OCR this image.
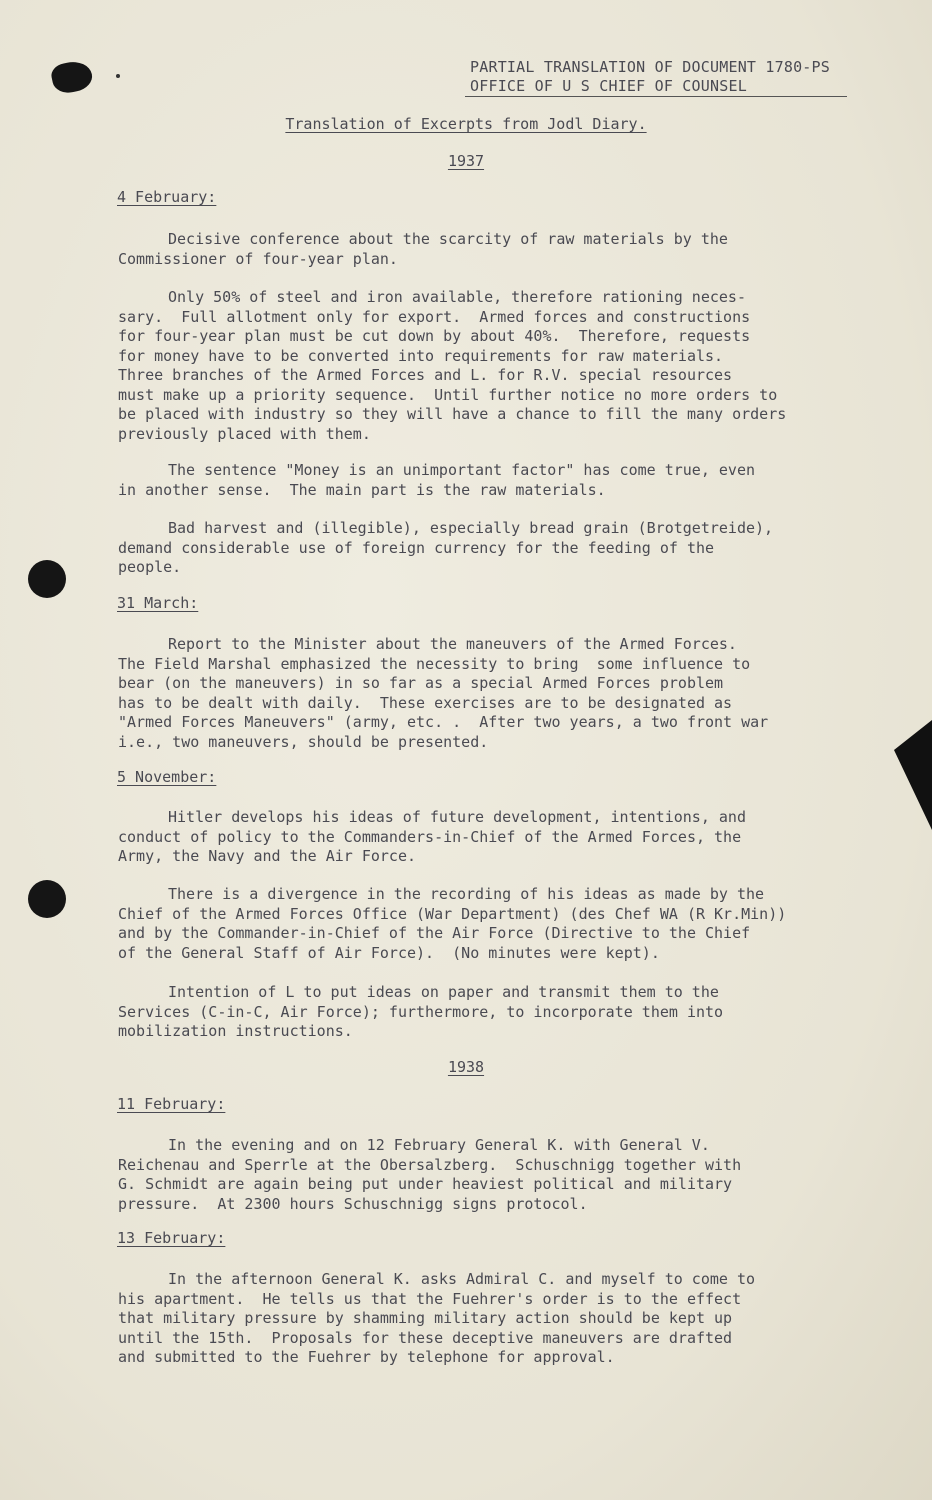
PARTIAL TRANSLATION OF DOCUMENT 1780-PS
OFFICE OF U S CHIEF OF COUNSEL
Translation of Excerpts from Jodl Diary.
1937
4 February:

Decisive conference about the scarcity of raw materials by the
Commissioner of four-year plan.

Only 50% of steel and iron available, therefore rationing neces-
sary.  Full allotment only for export.  Armed forces and constructions
for four-year plan must be cut down by about 40%.  Therefore, requests
for money have to be converted into requirements for raw materials.
Three branches of the Armed Forces and L. for R.V. special resources
must make up a priority sequence.  Until further notice no more orders to
be placed with industry so they will have a chance to fill the many orders
previously placed with them.

The sentence "Money is an unimportant factor" has come true, even
in another sense.  The main part is the raw materials.

Bad harvest and (illegible), especially bread grain (Brotgetreide),
demand considerable use of foreign currency for the feeding of the
people.

31 March:

Report to the Minister about the maneuvers of the Armed Forces.
The Field Marshal emphasized the necessity to bring  some influence to
bear (on the maneuvers) in so far as a special Armed Forces problem
has to be dealt with daily.  These exercises are to be designated as
"Armed Forces Maneuvers" (army, etc. .  After two years, a two front war
i.e., two maneuvers, should be presented.

5 November:

Hitler develops his ideas of future development, intentions, and
conduct of policy to the Commanders-in-Chief of the Armed Forces, the
Army, the Navy and the Air Force.

There is a divergence in the recording of his ideas as made by the
Chief of the Armed Forces Office (War Department) (des Chef WA (R Kr.Min))
and by the Commander-in-Chief of the Air Force (Directive to the Chief
of the General Staff of Air Force).  (No minutes were kept).

Intention of L to put ideas on paper and transmit them to the
Services (C-in-C, Air Force); furthermore, to incorporate them into
mobilization instructions.

1938
11 February:

In the evening and on 12 February General K. with General V.
Reichenau and Sperrle at the Obersalzberg.  Schuschnigg together with
G. Schmidt are again being put under heaviest political and military
pressure.  At 2300 hours Schuschnigg signs protocol.

13 February:

In the afternoon General K. asks Admiral C. and myself to come to
his apartment.  He tells us that the Fuehrer's order is to the effect
that military pressure by shamming military action should be kept up
until the 15th.  Proposals for these deceptive maneuvers are drafted
and submitted to the Fuehrer by telephone for approval.
